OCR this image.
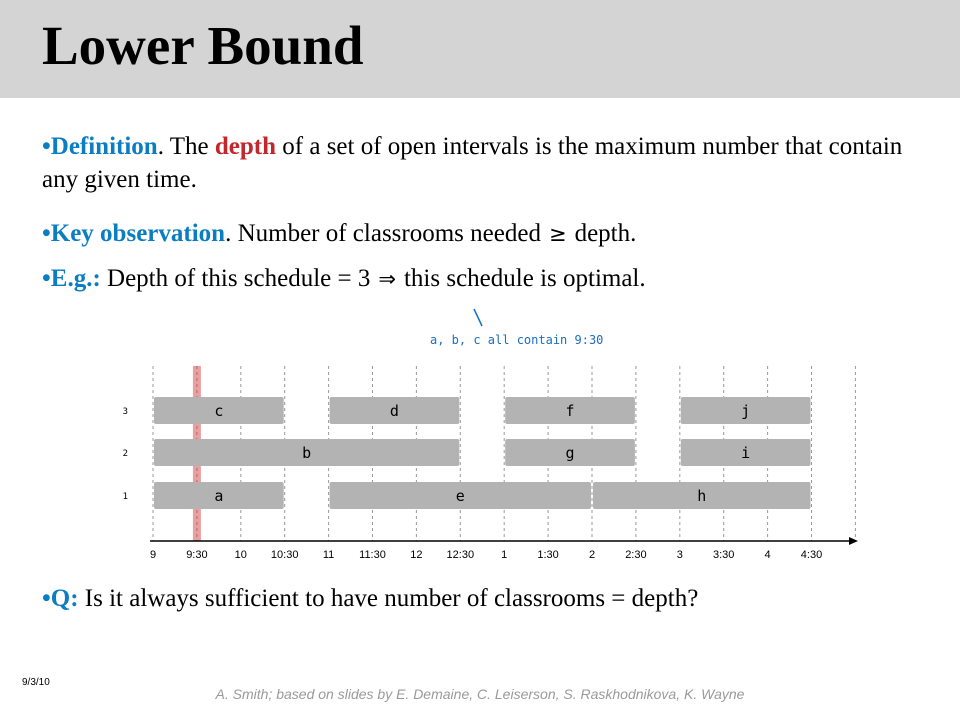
Lower Bound
•Definition. The depth of a set of open intervals is the maximum number that contain any given time.
•Key observation. Number of classrooms needed ≥ depth.
•E.g.: Depth of this schedule = 3 ⇒ this schedule is optimal.
a, b, c all contain 9:30
c	d	f	j
b	g	i
a	e	h
9	9:30 10 10:30 11 11:30 12 12:30 1	1:30	2	2:30	3	3:30	4	4:30
1
2
3
•Q: Is it always sufficient to have number of classrooms = depth?
9/3/10
A. Smith; based on slides by E. Demaine, C. Leiserson, S. Raskhodnikova, K. Wayne
